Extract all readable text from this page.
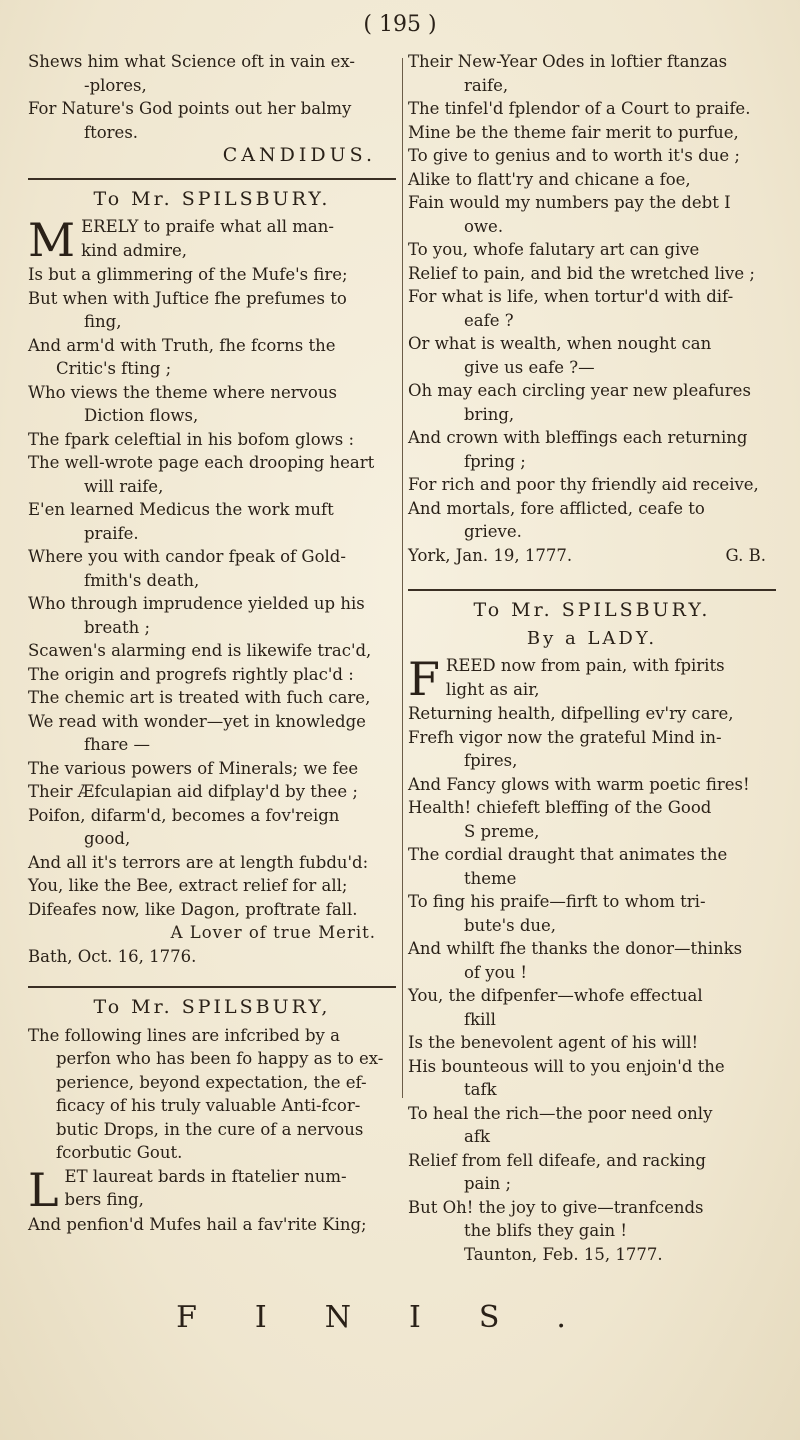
( 195 )
Shews him what Science oft in vain ex-
-plores,
For Nature's God points out her balmy
ftores.
CANDIDUS.
To Mr. SPILSBURY.
M ERELY to praife what all man-
kind admire,
Is but a glimmering of the Mufe's fire;
But when with Juftice fhe prefumes to
fing,
And arm'd with Truth, fhe fcorns the
Critic's fting ;
Who views the theme where nervous
Diction flows,
The fpark celeftial in his bofom glows :
The well-wrote page each drooping heart
will raife,
E'en learned Medicus the work muft
praife.
Where you with candor fpeak of Gold-
fmith's death,
Who through imprudence yielded up his
breath ;
Scawen's alarming end is likewife trac'd,
The origin and progrefs rightly plac'd :
The chemic art is treated with fuch care,
We read with wonder—yet in knowledge
fhare —
The various powers of Minerals; we fee
Their Æfculapian aid difplay'd by thee ;
Poifon, difarm'd, becomes a fov'reign
good,
And all it's terrors are at length fubdu'd:
You, like the Bee, extract relief for all;
Difeafes now, like Dagon, proftrate fall.
A Lover of true Merit.
Bath, Oct. 16, 1776.
To Mr. SPILSBURY,
The following lines are infcribed by a
perfon who has been fo happy as to ex-
perience, beyond expectation, the ef-
ficacy of his truly valuable Anti-fcor-
butic Drops, in the cure of a nervous
fcorbutic Gout.
L ET laureat bards in ftatelier num-
bers fing,
And penfion'd Mufes hail a fav'rite King;
Their New-Year Odes in loftier ftanzas
raife,
The tinfel'd fplendor of a Court to praife.
Mine be the theme fair merit to purfue,
To give to genius and to worth it's due ;
Alike to flatt'ry and chicane a foe,
Fain would my numbers pay the debt I
owe.
To you, whofe falutary art can give
Relief to pain, and bid the wretched live ;
For what is life, when tortur'd with dif-
eafe ?
Or what is wealth, when nought can
give us eafe ?—
Oh may each circling year new pleafures
bring,
And crown with bleffings each returning
fpring ;
For rich and poor thy friendly aid receive,
And mortals, fore afflicted, ceafe to
grieve.
York, Jan. 19, 1777.	G. B.
To Mr. SPILSBURY.
By a LADY.
F REED now from pain, with fpirits
light as air,
Returning health, difpelling ev'ry care,
Frefh vigor now the grateful Mind in-
fpires,
And Fancy glows with warm poetic fires!
Health! chiefeft bleffing of the Good
S preme,
The cordial draught that animates the
theme
To fing his praife—firft to whom tri-
bute's due,
And whilft fhe thanks the donor—thinks
of you !
You, the difpenfer—whofe effectual
fkill
Is the benevolent agent of his will!
His bounteous will to you enjoin'd the
tafk
To heal the rich—the poor need only
afk
Relief from fell difeafe, and racking
pain ;
But Oh! the joy to give—tranfcends
the blifs they gain !
Taunton, Feb. 15, 1777.
FINIS.
